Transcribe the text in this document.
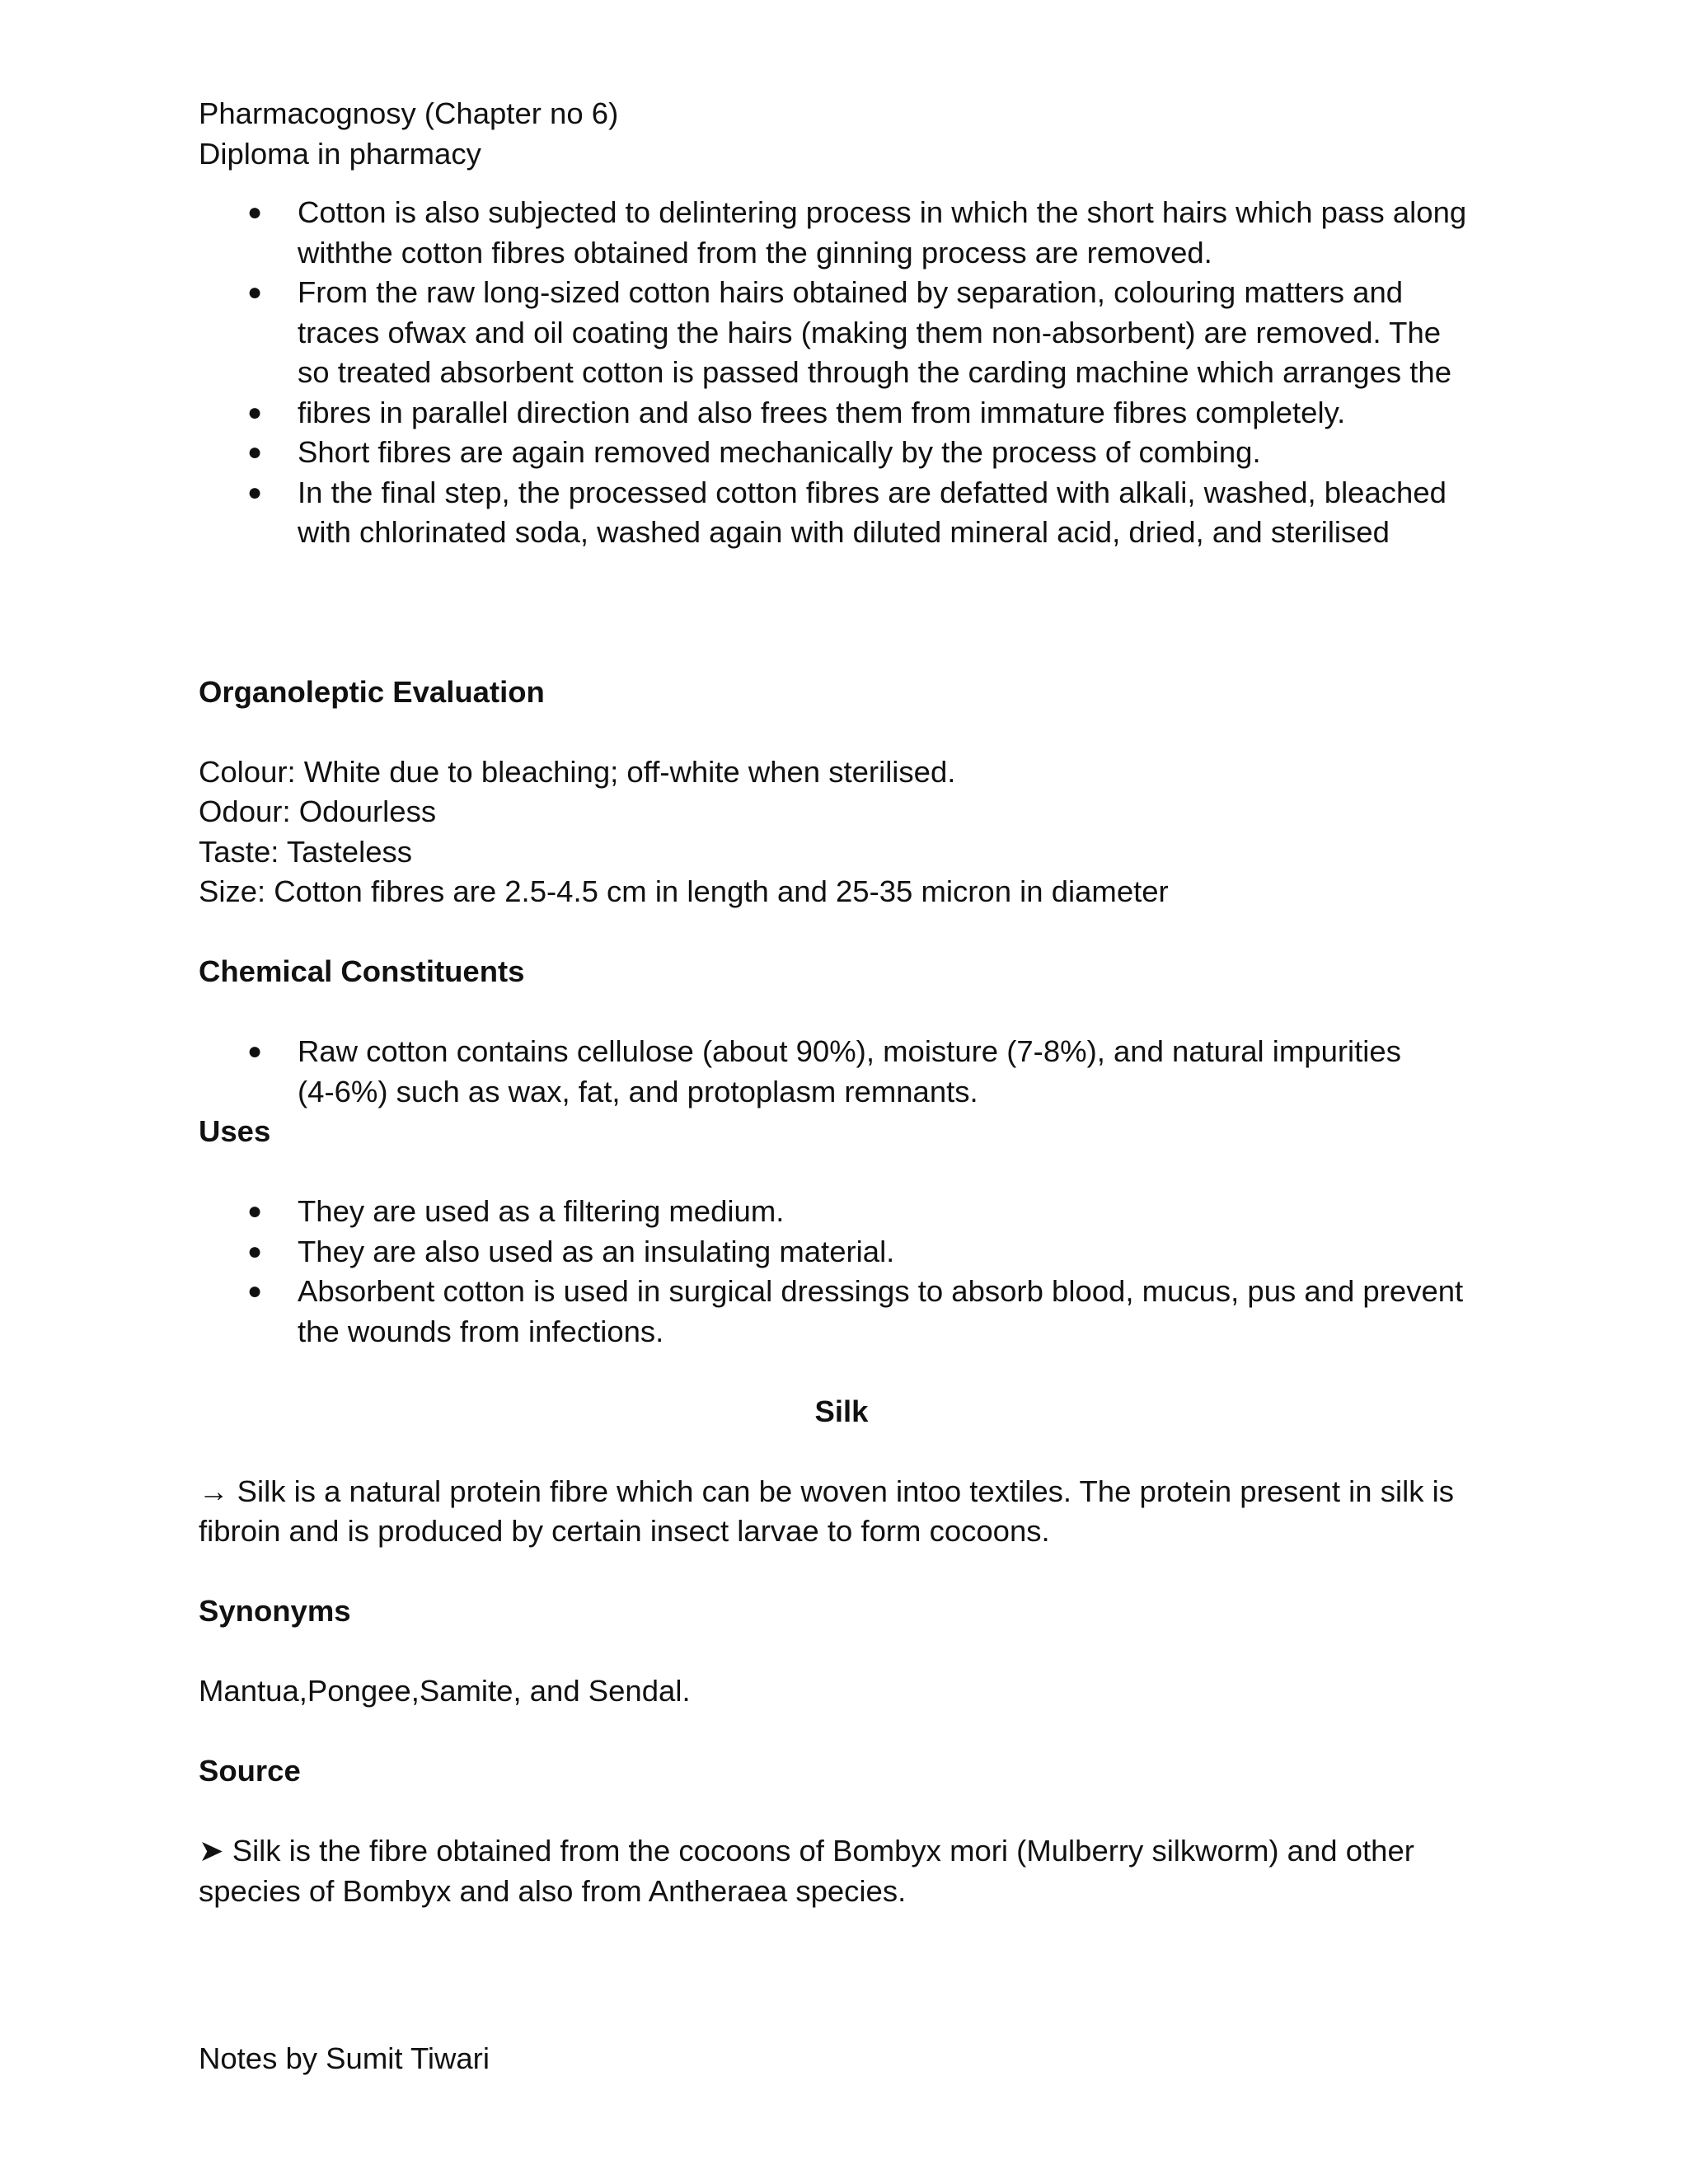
Pharmacognosy (Chapter no 6)
Diploma in pharmacy
● Cotton is also subjected to delintering process in which the short hairs which pass along
withthe cotton fibres obtained from the ginning process are removed.
● From the raw long-sized cotton hairs obtained by separation, colouring matters and
traces ofwax and oil coating the hairs (making them non-absorbent) are removed. The
so treated absorbent cotton is passed through the carding machine which arranges the
● fibres in parallel direction and also frees them from immature fibres completely.
● Short fibres are again removed mechanically by the process of combing.
● In the final step, the processed cotton fibres are defatted with alkali, washed, bleached
with chlorinated soda, washed again with diluted mineral acid, dried, and sterilised
Organoleptic Evaluation
Colour: White due to bleaching; off-white when sterilised.
Odour: Odourless
Taste: Tasteless
Size: Cotton fibres are 2.5-4.5 cm in length and 25-35 micron in diameter
Chemical Constituents
● Raw cotton contains cellulose (about 90%), moisture (7-8%), and natural impurities
(4-6%) such as wax, fat, and protoplasm remnants.
Uses
● They are used as a filtering medium.
● They are also used as an insulating material.
● Absorbent cotton is used in surgical dressings to absorb blood, mucus, pus and prevent
the wounds from infections.
Silk
→ Silk is a natural protein fibre which can be woven intoo textiles. The protein present in silk is
fibroin and is produced by certain insect larvae to form cocoons.
Synonyms
Mantua,Pongee,Samite, and Sendal.
Source
➤ Silk is the fibre obtained from the cocoons of Bombyx mori (Mulberry silkworm) and other
species of Bombyx and also from Antheraea species.
Notes by Sumit Tiwari
